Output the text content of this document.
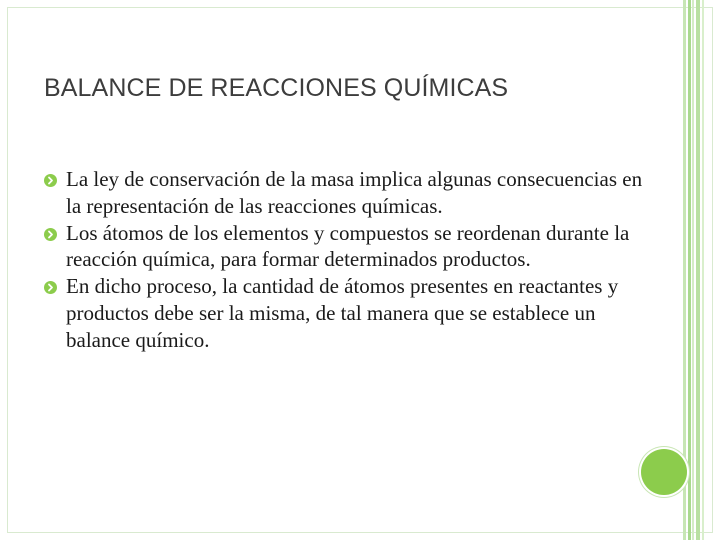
BALANCE DE REACCIONES QUÍMICAS
La ley de conservación de la masa implica algunas consecuencias en la representación de las reacciones químicas.
Los átomos de los elementos y compuestos se reordenan durante la reacción química, para formar determinados productos.
En dicho proceso, la cantidad de átomos presentes en reactantes y productos debe ser la misma, de tal manera que se establece un balance químico.
